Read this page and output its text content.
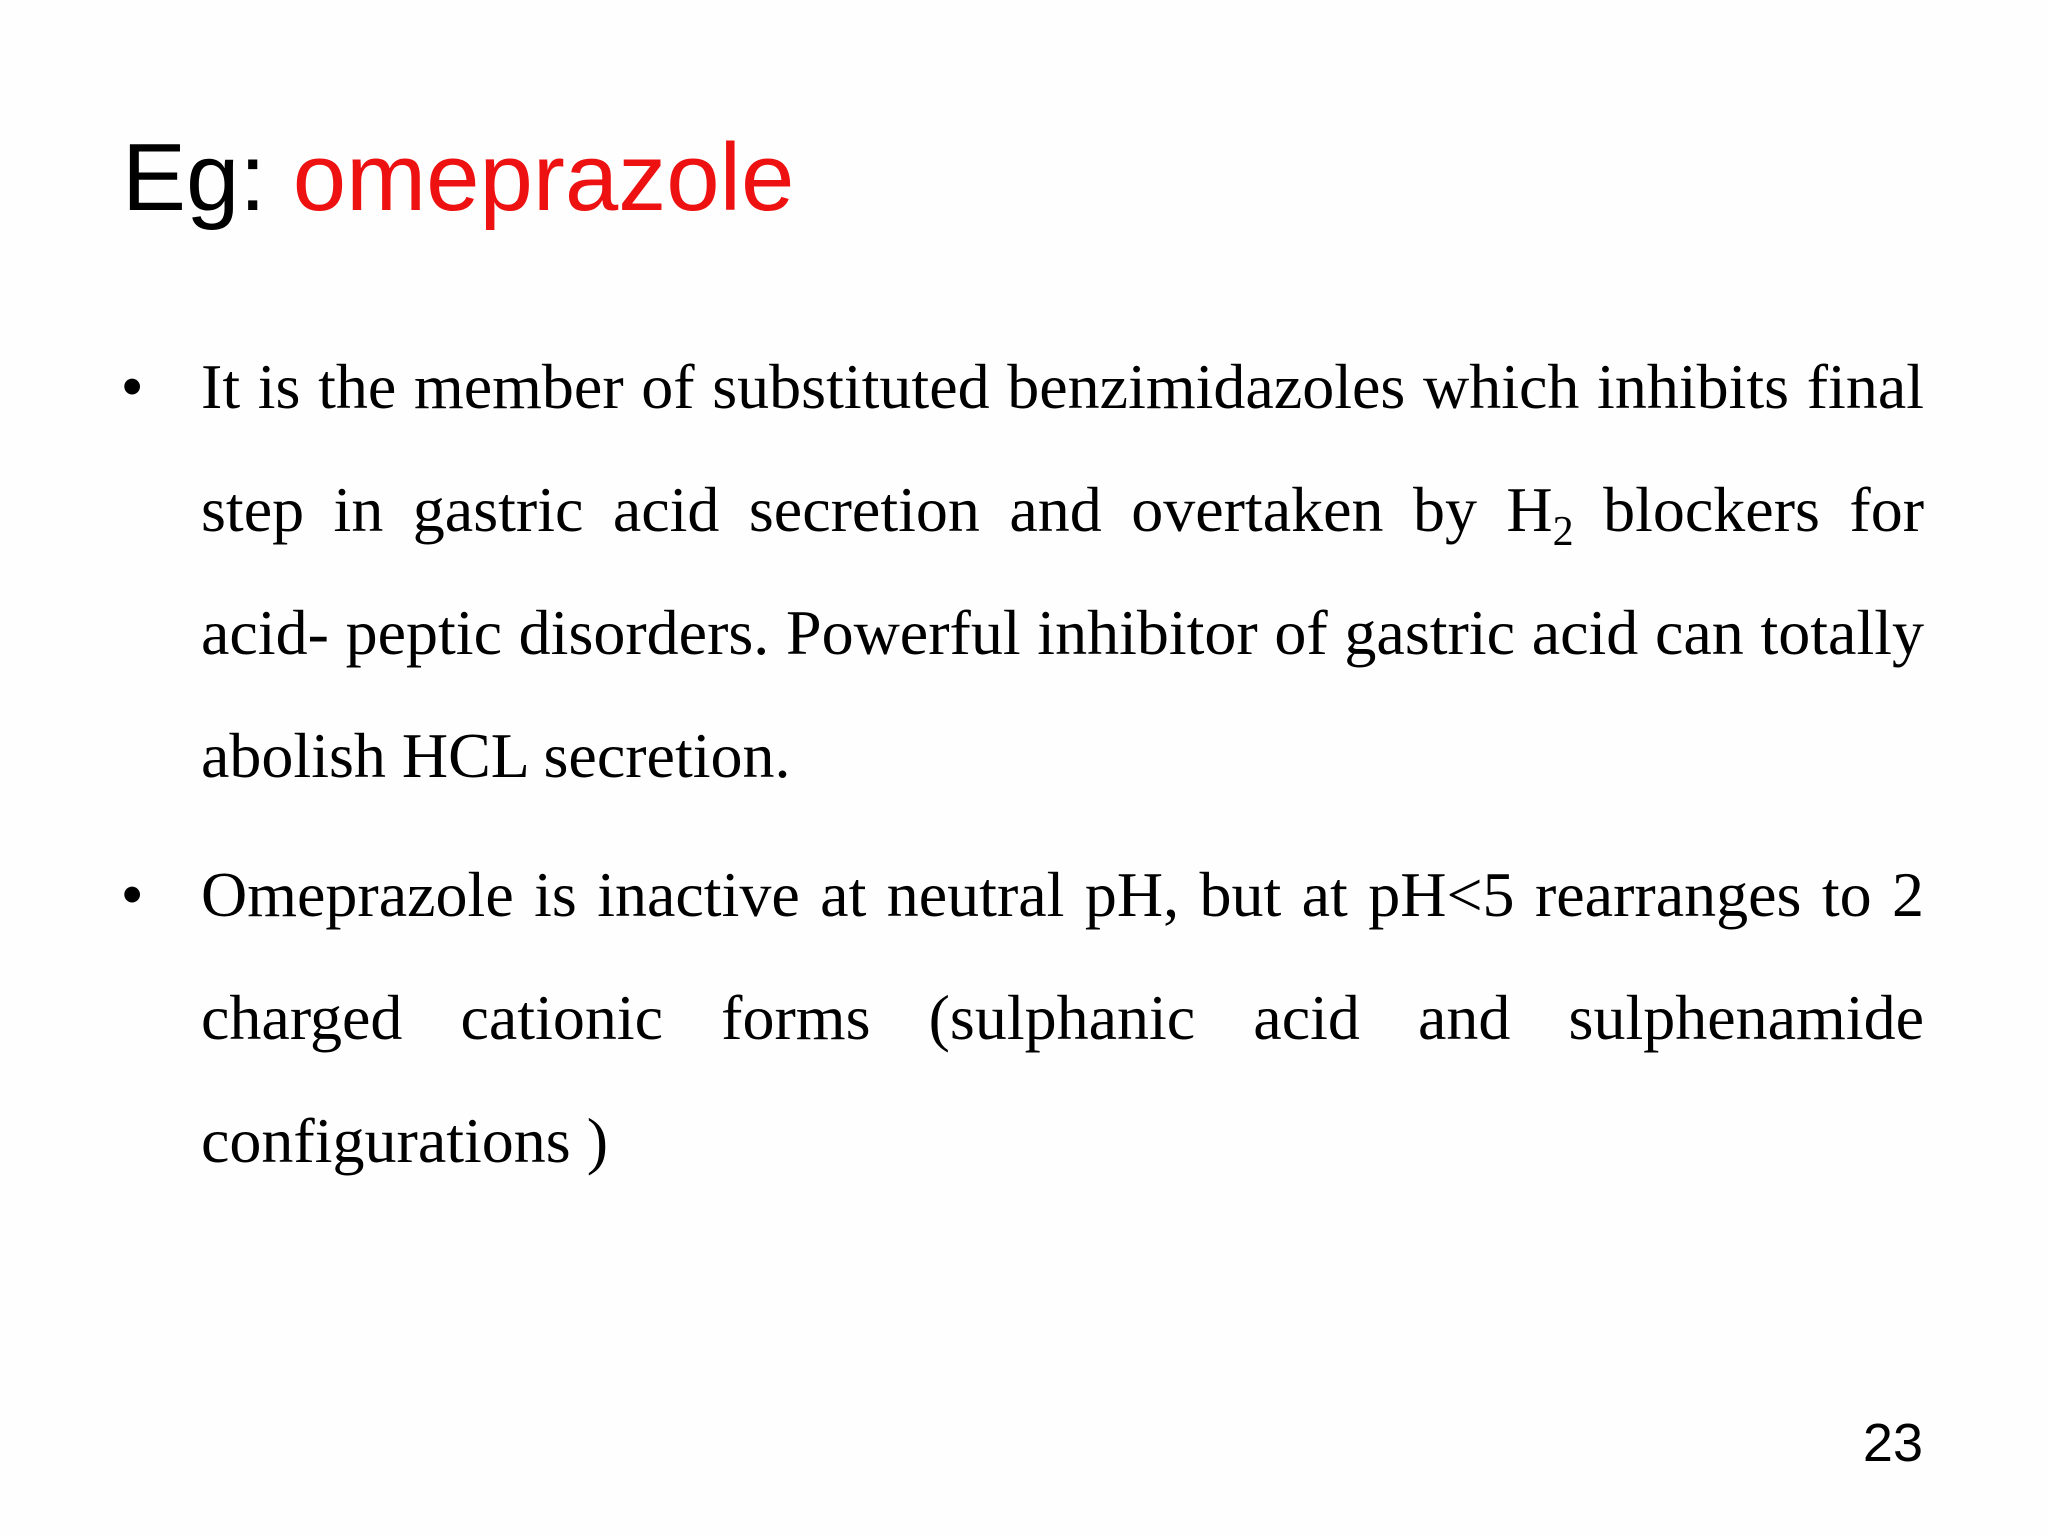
Eg: omeprazole
• It is the member of substituted benzimidazoles which inhibits final step in gastric acid secretion and overtaken by $H_2$ blockers for acid- peptic disorders. Powerful inhibitor of gastric acid can totally abolish HCL secretion.
• Omeprazole is inactive at neutral pH, but at pH<5 rearranges to 2 charged cationic forms (sulphanic acid and sulphenamide configurations )
23
